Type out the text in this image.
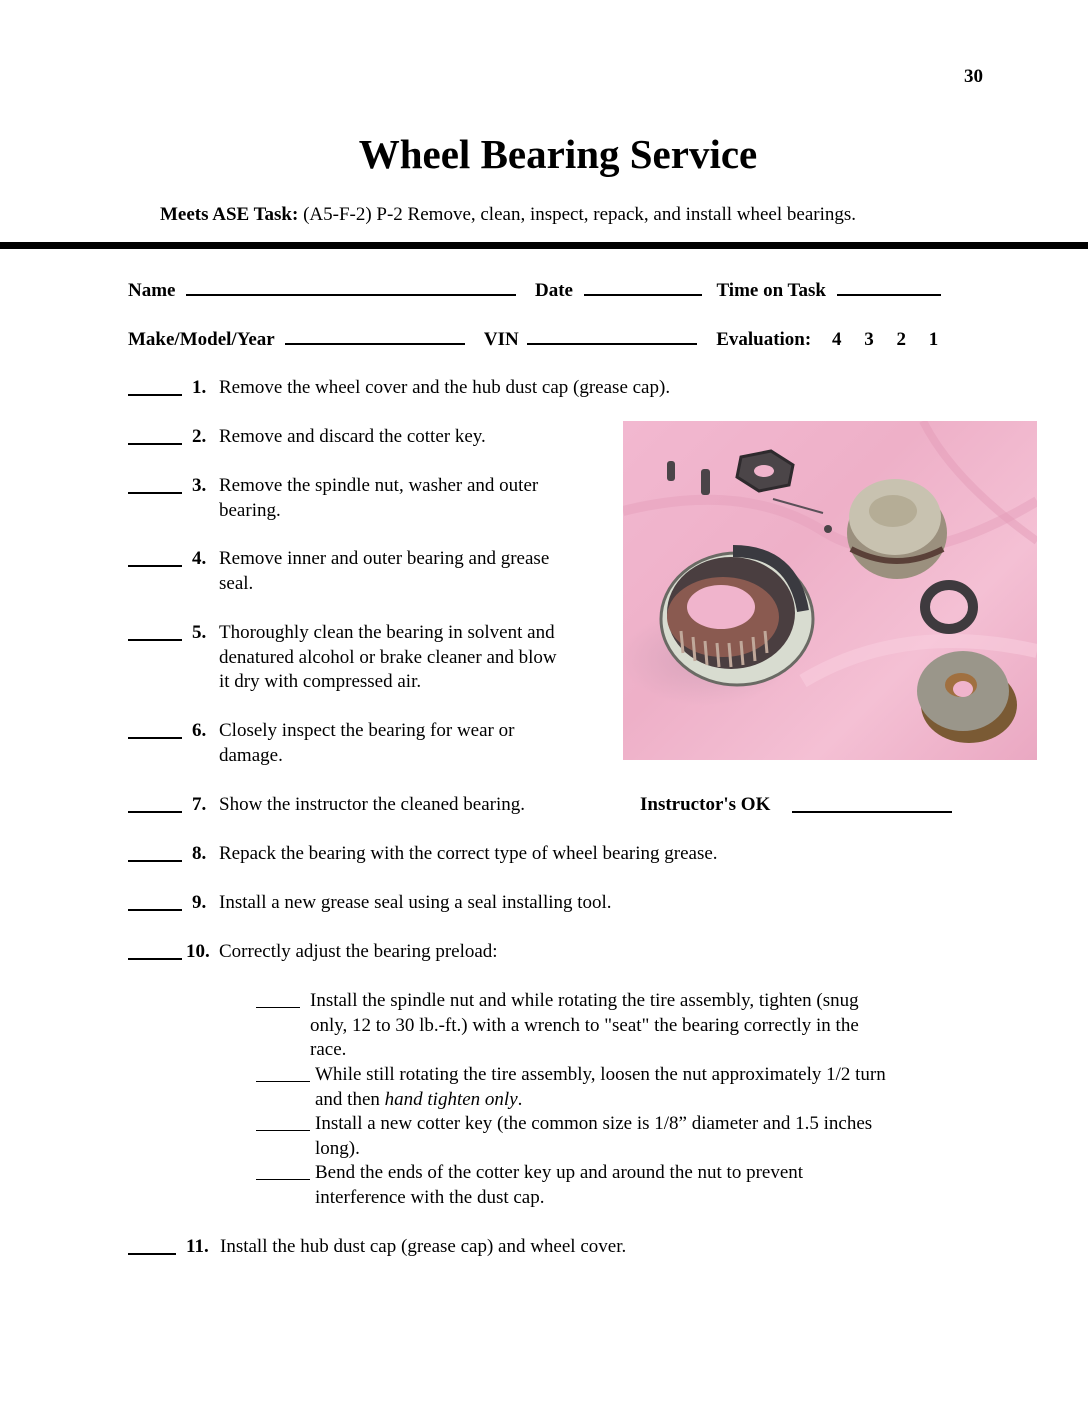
30
Wheel Bearing Service
Meets ASE Task: (A5-F-2) P-2 Remove, clean, inspect, repack, and install wheel bearings.
Name	Date	Time on Task
Make/Model/Year	VIN	Evaluation: 4 3 2 1
1. Remove the wheel cover and the hub dust cap (grease cap).
2. Remove and discard the cotter key.
3. Remove the spindle nut, washer and outer
bearing.
4. Remove inner and outer bearing and grease
seal.
5. Thoroughly clean the bearing in solvent and
denatured alcohol or brake cleaner and blow
it dry with compressed air.
6. Closely inspect the bearing for wear or
damage.
7. Show the instructor the cleaned bearing.	Instructor's OK
8. Repack the bearing with the correct type of wheel bearing grease.
9. Install a new grease seal using a seal installing tool.
10. Correctly adjust the bearing preload:
Install the spindle nut and while rotating the tire assembly, tighten (snug
only, 12 to 30 lb.-ft.) with a wrench to "seat" the bearing correctly in the
race.
While still rotating the tire assembly, loosen the nut approximately 1/2 turn
and then hand tighten only.
Install a new cotter key (the common size is 1/8” diameter and 1.5 inches
long).
Bend the ends of the cotter key up and around the nut to prevent
interference with the dust cap.
11. Install the hub dust cap (grease cap) and wheel cover.
